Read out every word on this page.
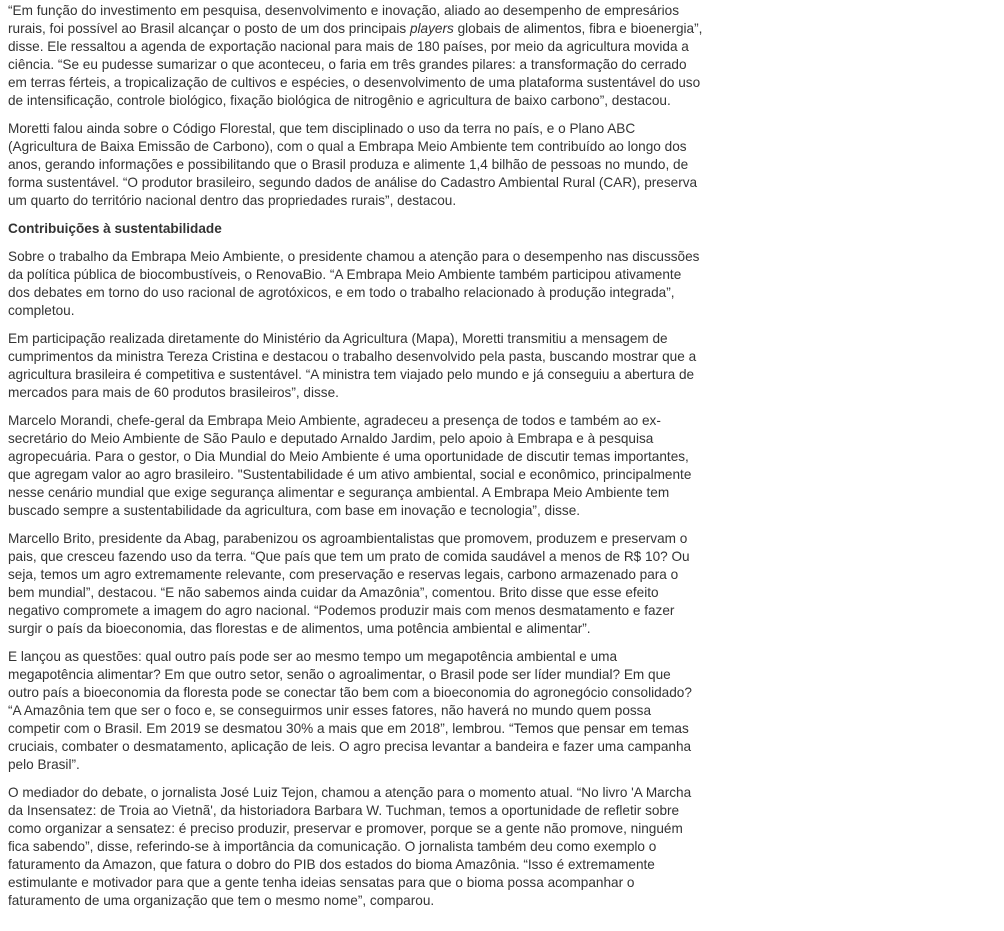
“Em função do investimento em pesquisa, desenvolvimento e inovação, aliado ao desempenho de empresários rurais, foi possível ao Brasil alcançar o posto de um dos principais players globais de alimentos, fibra e bioenergia”, disse. Ele ressaltou a agenda de exportação nacional para mais de 180 países, por meio da agricultura movida a ciência. “Se eu pudesse sumarizar o que aconteceu, o faria em três grandes pilares: a transformação do cerrado em terras férteis, a tropicalização de cultivos e espécies, o desenvolvimento de uma plataforma sustentável do uso de intensificação, controle biológico, fixação biológica de nitrogênio e agricultura de baixo carbono”, destacou.

Moretti falou ainda sobre o Código Florestal, que tem disciplinado o uso da terra no país, e o Plano ABC (Agricultura de Baixa Emissão de Carbono), com o qual a Embrapa Meio Ambiente tem contribuído ao longo dos anos, gerando informações e possibilitando que o Brasil produza e alimente 1,4 bilhão de pessoas no mundo, de forma sustentável. “O produtor brasileiro, segundo dados de análise do Cadastro Ambiental Rural (CAR), preserva um quarto do território nacional dentro das propriedades rurais”, destacou.

Contribuições à sustentabilidade

Sobre o trabalho da Embrapa Meio Ambiente, o presidente chamou a atenção para o desempenho nas discussões da política pública de biocombustíveis, o RenovaBio. “A Embrapa Meio Ambiente também participou ativamente dos debates em torno do uso racional de agrotóxicos, e em todo o trabalho relacionado à produção integrada”, completou.

Em participação realizada diretamente do Ministério da Agricultura (Mapa), Moretti transmitiu a mensagem de cumprimentos da ministra Tereza Cristina e destacou o trabalho desenvolvido pela pasta, buscando mostrar que a agricultura brasileira é competitiva e sustentável. “A ministra tem viajado pelo mundo e já conseguiu a abertura de mercados para mais de 60 produtos brasileiros”, disse.

Marcelo Morandi, chefe-geral da Embrapa Meio Ambiente, agradeceu a presença de todos e também ao ex-secretário do Meio Ambiente de São Paulo e deputado Arnaldo Jardim, pelo apoio à Embrapa e à pesquisa agropecuária. Para o gestor, o Dia Mundial do Meio Ambiente é uma oportunidade de discutir temas importantes, que agregam valor ao agro brasileiro. "Sustentabilidade é um ativo ambiental, social e econômico, principalmente nesse cenário mundial que exige segurança alimentar e segurança ambiental. A Embrapa Meio Ambiente tem buscado sempre a sustentabilidade da agricultura, com base em inovação e tecnologia”, disse.

Marcello Brito, presidente da Abag, parabenizou os agroambientalistas que promovem, produzem e preservam o pais, que cresceu fazendo uso da terra. “Que país que tem um prato de comida saudável a menos de R$ 10? Ou seja, temos um agro extremamente relevante, com preservação e reservas legais, carbono armazenado para o bem mundial”, destacou. “E não sabemos ainda cuidar da Amazônia”, comentou. Brito disse que esse efeito negativo compromete a imagem do agro nacional. “Podemos produzir mais com menos desmatamento e fazer surgir o país da bioeconomia, das florestas e de alimentos, uma potência ambiental e alimentar”.

E lançou as questões: qual outro país pode ser ao mesmo tempo um megapotência ambiental e uma megapotência alimentar? Em que outro setor, senão o agroalimentar, o Brasil pode ser líder mundial? Em que outro país a bioeconomia da floresta pode se conectar tão bem com a bioeconomia do agronegócio consolidado? “A Amazônia tem que ser o foco e, se conseguirmos unir esses fatores, não haverá no mundo quem possa competir com o Brasil. Em 2019 se desmatou 30% a mais que em 2018”, lembrou. “Temos que pensar em temas cruciais, combater o desmatamento, aplicação de leis. O agro precisa levantar a bandeira e fazer uma campanha pelo Brasil”.

O mediador do debate, o jornalista José Luiz Tejon, chamou a atenção para o momento atual. “No livro 'A Marcha da Insensatez: de Troia ao Vietnã', da historiadora Barbara W. Tuchman, temos a oportunidade de refletir sobre como organizar a sensatez: é preciso produzir, preservar e promover, porque se a gente não promove, ninguém fica sabendo”, disse, referindo-se à importância da comunicação. O jornalista também deu como exemplo o faturamento da Amazon, que fatura o dobro do PIB dos estados do bioma Amazônia. “Isso é extremamente estimulante e motivador para que a gente tenha ideias sensatas para que o bioma possa acompanhar o faturamento de uma organização que tem o mesmo nome”, comparou.
